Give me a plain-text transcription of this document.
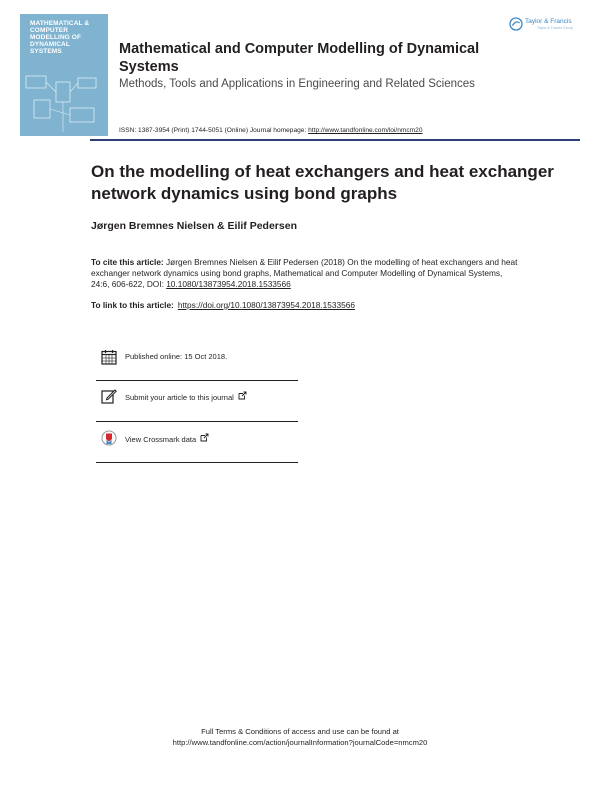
MATHEMATICAL &
COMPUTER
MODELLING OF
DYNAMICAL
SYSTEMS
Taylor & Francis
Taylor & Francis Group
Mathematical and Computer Modelling of Dynamical Systems
Methods, Tools and Applications in Engineering and Related Sciences
ISSN: 1387-3954 (Print) 1744-5051 (Online) Journal homepage: http://www.tandfonline.com/loi/nmcm20
On the modelling of heat exchangers and heat exchanger network dynamics using bond graphs
Jørgen Bremnes Nielsen & Eilif Pedersen
To cite this article: Jørgen Bremnes Nielsen & Eilif Pedersen (2018) On the modelling of heat exchangers and heat exchanger network dynamics using bond graphs, Mathematical and Computer Modelling of Dynamical Systems, 24:6, 606-622, DOI: 10.1080/13873954.2018.1533566
To link to this article: https://doi.org/10.1080/13873954.2018.1533566
Published online: 15 Oct 2018.
Submit your article to this journal
View Crossmark data
Full Terms & Conditions of access and use can be found at
http://www.tandfonline.com/action/journalInformation?journalCode=nmcm20
